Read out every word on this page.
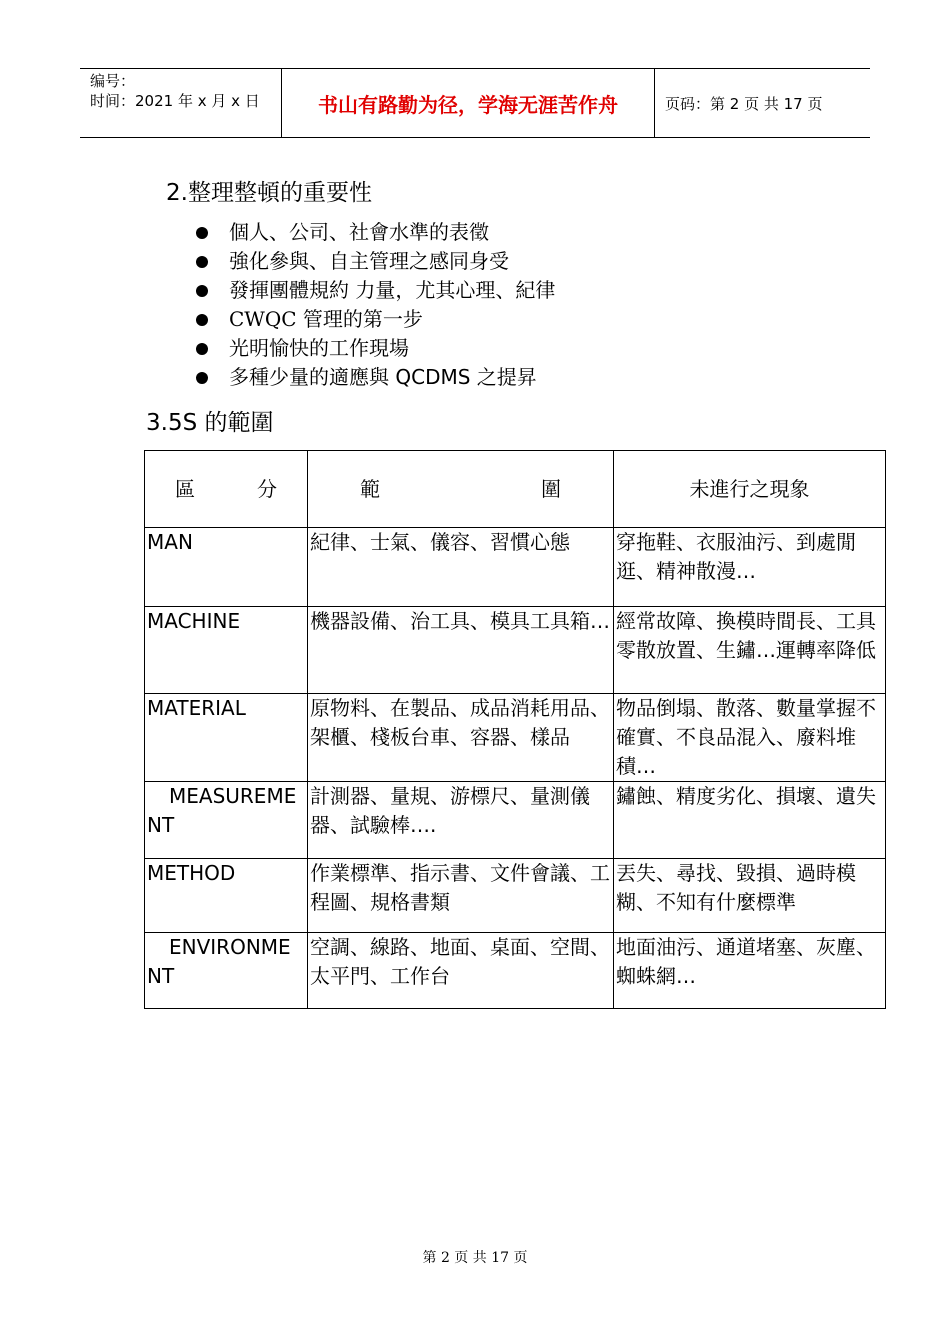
编号：
时间：2021 年 x 月 x 日	书山有路勤为径，学海无涯苦作舟	页码：第 2 页 共 17 页
2.整理整頓的重要性
個人、公司、社會水準的表徵
強化參與、自主管理之感同身受
發揮團體規約 力量，尤其心理、紀律
CWQC 管理的第一步
光明愉快的工作現場
多種少量的適應與 QCDMS 之提昇
3.5S 的範圍
區 分	範 圍	未進行之現象
MAN	紀律、士氣、儀容、習慣心態	穿拖鞋、衣服油污、到處閒逛、精神散漫…
MACHINE	機器設備、治工具、模具工具箱…	經常故障、換模時間長、工具零散放置、生鏽…運轉率降低
MATERIAL	原物料、在製品、成品消耗用品、架櫃、棧板台車、容器、樣品	物品倒塌、散落、數量掌握不確實、不良品混入、廢料堆積…
MEASUREMENT	計測器、量規、游標尺、量測儀器、試驗棒….	鏽蝕、精度劣化、損壞、遺失
METHOD	作業標準、指示書、文件會議、工程圖、規格書類	丟失、尋找、毀損、過時模糊、不知有什麼標準
ENVIRONMENT	空調、線路、地面、桌面、空間、太平門、工作台	地面油污、通道堵塞、灰塵、蜘蛛網…
第 2 页 共 17 页
